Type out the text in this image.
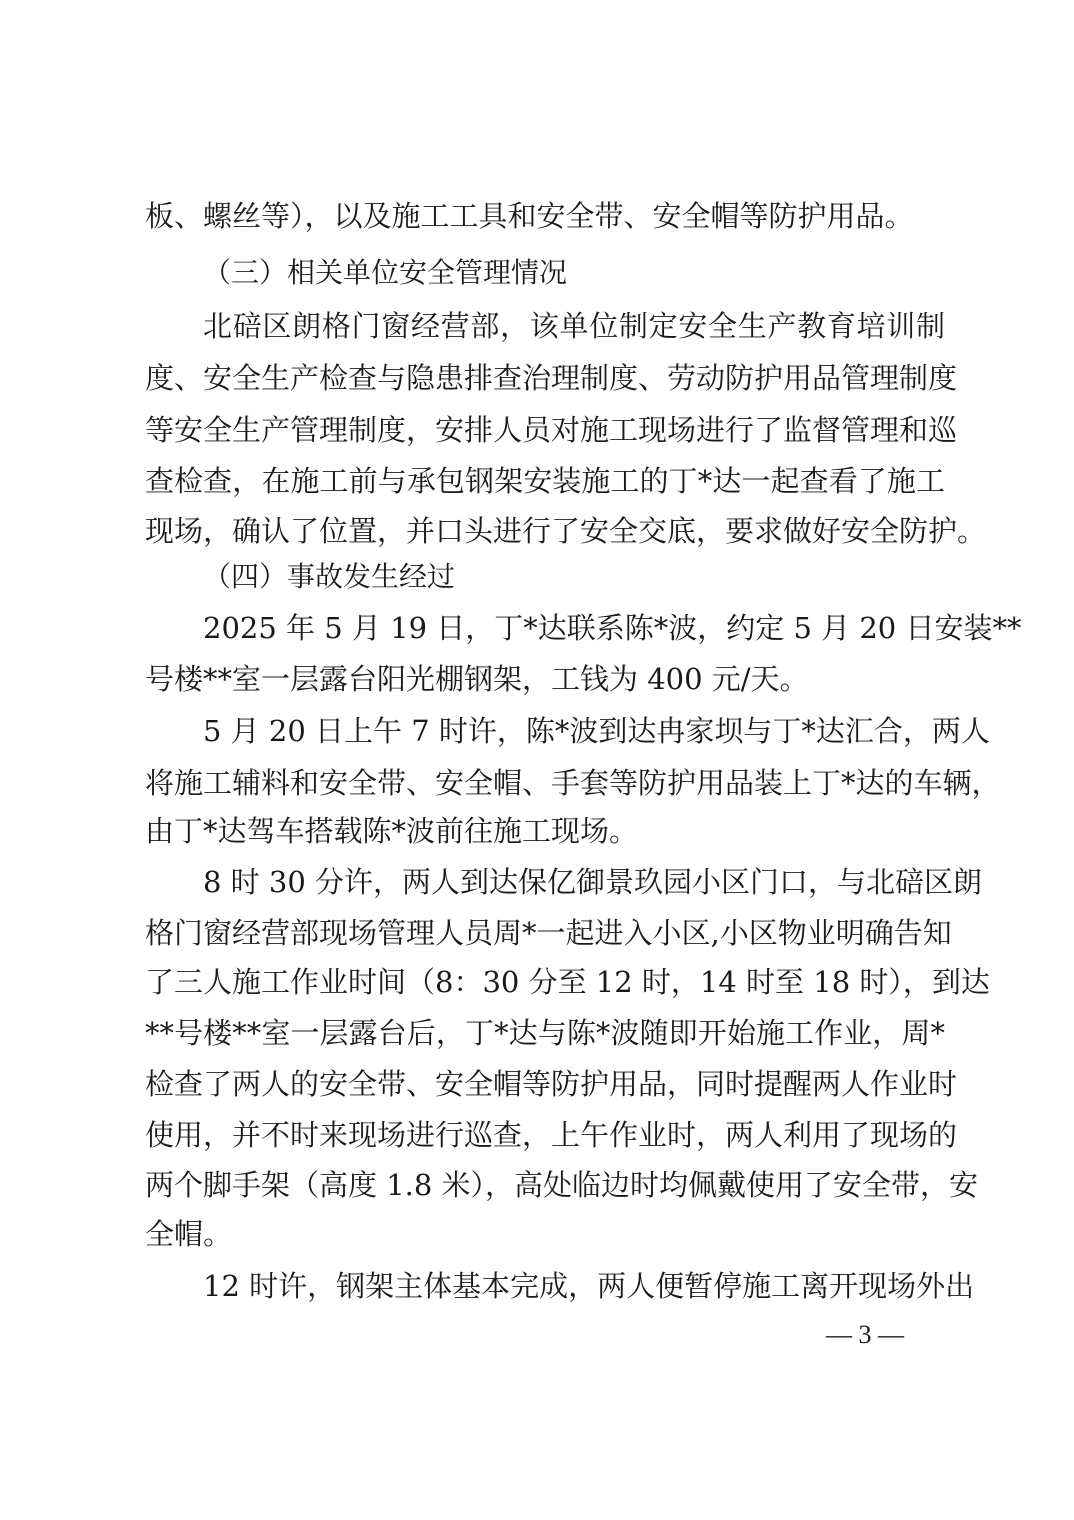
板、螺丝等），以及施工工具和安全带、安全帽等防护用品。
（三）相关单位安全管理情况
北碚区朗格门窗经营部，该单位制定安全生产教育培训制
度、安全生产检查与隐患排查治理制度、劳动防护用品管理制度
等安全生产管理制度，安排人员对施工现场进行了监督管理和巡
查检查，在施工前与承包钢架安装施工的丁*达一起查看了施工
现场，确认了位置，并口头进行了安全交底，要求做好安全防护。
（四）事故发生经过
2025 年 5 月 19 日，丁*达联系陈*波，约定 5 月 20 日安装**
号楼**室一层露台阳光棚钢架，工钱为 400 元/天。
5 月 20 日上午 7 时许，陈*波到达冉家坝与丁*达汇合，两人
将施工辅料和安全带、安全帽、手套等防护用品装上丁*达的车辆，
由丁*达驾车搭载陈*波前往施工现场。
8 时 30 分许，两人到达保亿御景玖园小区门口，与北碚区朗
格门窗经营部现场管理人员周*一起进入小区,小区物业明确告知
了三人施工作业时间（8：30 分至 12 时，14 时至 18 时），到达
**号楼**室一层露台后，丁*达与陈*波随即开始施工作业，周*
检查了两人的安全带、安全帽等防护用品，同时提醒两人作业时
使用，并不时来现场进行巡查，上午作业时，两人利用了现场的
两个脚手架（高度 1.8 米），高处临边时均佩戴使用了安全带，安
全帽。
12 时许，钢架主体基本完成，两人便暂停施工离开现场外出
— 3 —
